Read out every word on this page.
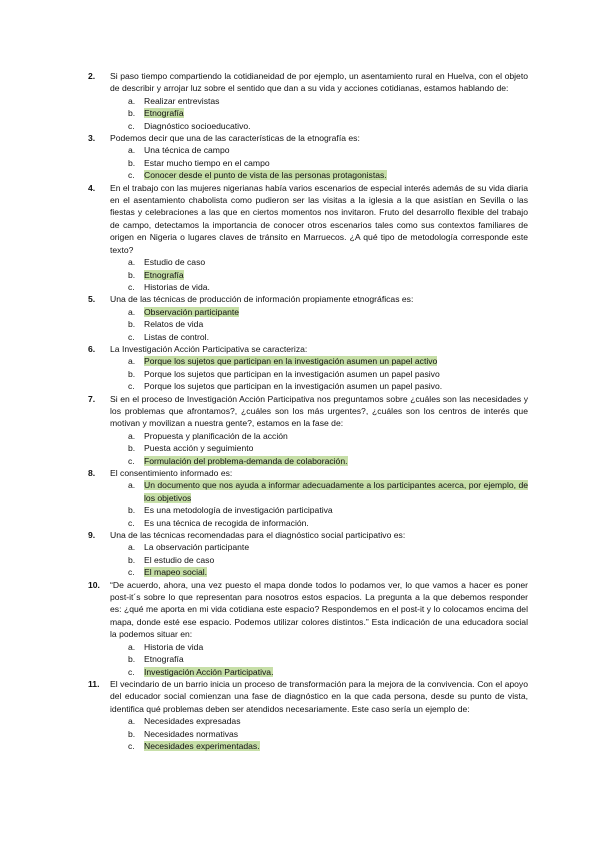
2. Si paso tiempo compartiendo la cotidianeidad de por ejemplo, un asentamiento rural en Huelva, con el objeto de describir y arrojar luz sobre el sentido que dan a su vida y acciones cotidianas, estamos hablando de:
a. Realizar entrevistas
b. Etnografía
c. Diagnóstico socioeducativo.
3. Podemos decir que una de las características de la etnografía es:
a. Una técnica de campo
b. Estar mucho tiempo en el campo
c. Conocer desde el punto de vista de las personas protagonistas.
4. En el trabajo con las mujeres nigerianas había varios escenarios de especial interés además de su vida diaria en el asentamiento chabolista como pudieron ser las visitas a la iglesia a la que asistían en Sevilla o las fiestas y celebraciones a las que en ciertos momentos nos invitaron. Fruto del desarrollo flexible del trabajo de campo, detectamos la importancia de conocer otros escenarios tales como sus contextos familiares de origen en Nigeria o lugares claves de tránsito en Marruecos. ¿A qué tipo de metodología corresponde este texto?
a. Estudio de caso
b. Etnografía
c. Historias de vida.
5. Una de las técnicas de producción de información propiamente etnográficas es:
a. Observación participante
b. Relatos de vida
c. Listas de control.
6. La Investigación Acción Participativa se caracteriza:
a. Porque los sujetos que participan en la investigación asumen un papel activo
b. Porque los sujetos que participan en la investigación asumen un papel pasivo
c. Porque los sujetos que participan en la investigación asumen un papel pasivo.
7. Si en el proceso de Investigación Acción Participativa nos preguntamos sobre ¿cuáles son las necesidades y los problemas que afrontamos?, ¿cuáles son los más urgentes?, ¿cuáles son los centros de interés que motivan y movilizan a nuestra gente?, estamos en la fase de:
a. Propuesta y planificación de la acción
b. Puesta acción y seguimiento
c. Formulación del problema-demanda de colaboración.
8. El consentimiento informado es:
a. Un documento que nos ayuda a informar adecuadamente a los participantes acerca, por ejemplo, de los objetivos
b. Es una metodología de investigación participativa
c. Es una técnica de recogida de información.
9. Una de las técnicas recomendadas para el diagnóstico social participativo es:
a. La observación participante
b. El estudio de caso
c. El mapeo social.
10. “De acuerdo, ahora, una vez puesto el mapa donde todos lo podamos ver, lo que vamos a hacer es poner post-it´s sobre lo que representan para nosotros estos espacios. La pregunta a la que debemos responder es: ¿qué me aporta en mi vida cotidiana este espacio? Respondemos en el post-it y lo colocamos encima del mapa, donde esté ese espacio. Podemos utilizar colores distintos.” Esta indicación de una educadora social la podemos situar en:
a. Historia de vida
b. Etnografía
c. Investigación Acción Participativa.
11. El vecindario de un barrio inicia un proceso de transformación para la mejora de la convivencia. Con el apoyo del educador social comienzan una fase de diagnóstico en la que cada persona, desde su punto de vista, identifica qué problemas deben ser atendidos necesariamente. Este caso sería un ejemplo de:
a. Necesidades expresadas
b. Necesidades normativas
c. Necesidades experimentadas.
